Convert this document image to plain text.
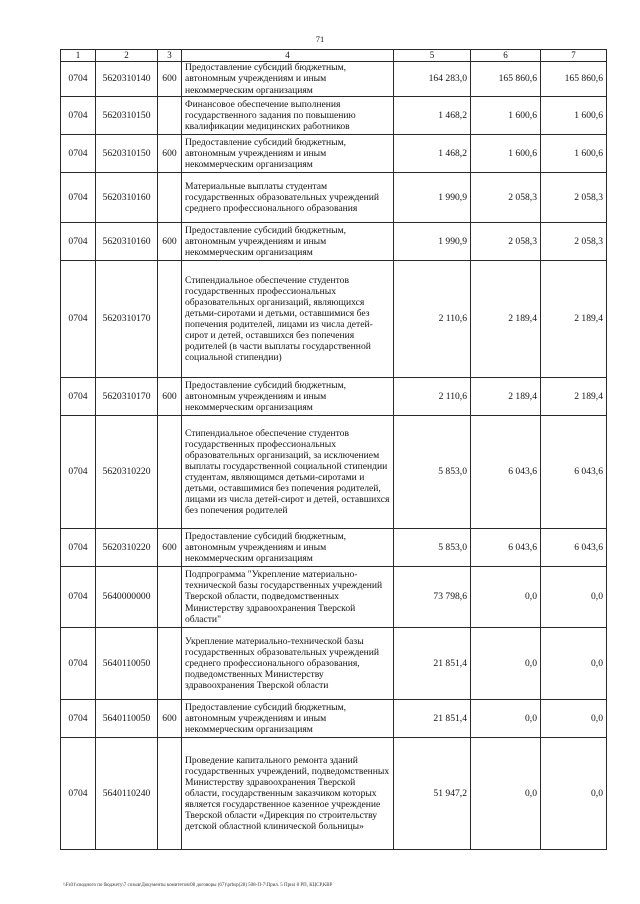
71
1	2	3	4	5	6	7
0704	5620310140	600	Предоставление субсидий бюджетным, автономным учреждениям и иным некоммерческим организациям	164 283,0	165 860,6	165 860,6
0704	5620310150		Финансовое обеспечение выполнения государственного задания по повышению квалификации медицинских работников	1 468,2	1 600,6	1 600,6
0704	5620310150	600	Предоставление субсидий бюджетным, автономным учреждениям и иным некоммерческим организациям	1 468,2	1 600,6	1 600,6
0704	5620310160		Материальные выплаты студентам государственных образовательных учреждений среднего профессионального образования	1 990,9	2 058,3	2 058,3
0704	5620310160	600	Предоставление субсидий бюджетным, автономным учреждениям и иным некоммерческим организациям	1 990,9	2 058,3	2 058,3
0704	5620310170		Стипендиальное обеспечение студентов государственных профессиональных образовательных организаций, являющихся детьми-сиротами и детьми, оставшимися без попечения родителей, лицами из числа детей-сирот и детей, оставшихся без попечения родителей (в части выплаты государственной социальной стипендии)	2 110,6	2 189,4	2 189,4
0704	5620310170	600	Предоставление субсидий бюджетным, автономным учреждениям и иным некоммерческим организациям	2 110,6	2 189,4	2 189,4
0704	5620310220		Стипендиальное обеспечение студентов государственных профессиональных образовательных организаций, за исключением выплаты государственной социальной стипендии студентам, являющимся детьми-сиротами и детьми, оставшимися без попечения родителей, лицами из числа детей-сирот и детей, оставшихся без попечения родителей	5 853,0	6 043,6	6 043,6
0704	5620310220	600	Предоставление субсидий бюджетным, автономным учреждениям и иным некоммерческим организациям	5 853,0	6 043,6	6 043,6
0704	5640000000		Подпрограмма "Укрепление материально-технической базы государственных учреждений Тверской области, подведомственных Министерству здравоохранения Тверской области"	73 798,6	0,0	0,0
0704	5640110050		Укрепление материально-технической базы государственных образовательных учреждений среднего профессионального образования, подведомственных Министерству здравоохранения Тверской области	21 851,4	0,0	0,0
0704	5640110050	600	Предоставление субсидий бюджетным, автономным учреждениям и иным некоммерческим организациям	21 851,4	0,0	0,0
0704	5640110240		Проведение капитального ремонта зданий государственных учреждений, подведомственных Министерству здравоохранения Тверской области, государственным заказчиком которых является государственное казенное учреждение Тверской области «Дирекция по строительству детской областной клинической больницы»	51 947,2	0,0	0,0
\\Fs01\сводного по бюджету\7 созыв\Документы комитетов\08 договоры (67)\prbsp(28) 508-П-7\Прил. 5 Прил 8 РП, КЦСР,КВР
